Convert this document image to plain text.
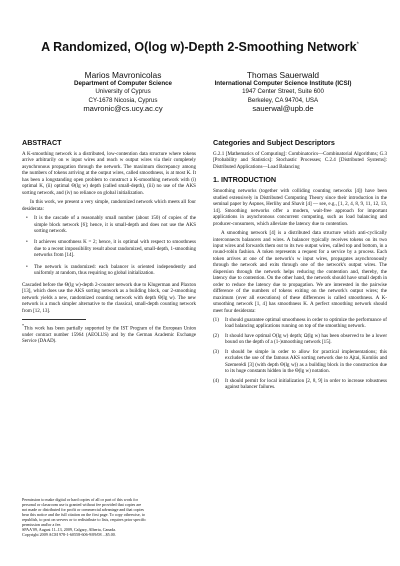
A Randomized, O(log w)-Depth 2-Smoothing Network*
Marios Mavronicolas
Department of Computer Science
University of Cyprus
CY-1678 Nicosia, Cyprus
mavronic@cs.ucy.ac.cy
Thomas Sauerwald
International Computer Science Institute (ICSI)
1947 Center Street, Suite 600
Berkeley, CA 94704, USA
sauerwal@upb.de
ABSTRACT

A K-smoothing network is a distributed, low-contention data structure where tokens arrive arbitrarily on w input wires and reach w output wires via their completely asynchronous propagation through the network. The maximum discrepancy among the numbers of tokens arriving at the output wires, called smoothness, is at most K. It has been a longstanding open problem to construct a K-smoothing network with (i) optimal K, (ii) optimal Θ(lg w) depth (called small-depth), (iii) no use of the AKS sorting network, and (iv) no reliance on global initialization.

In this work, we present a very simple, randomized network which meets all four desiderata:

• It is the cascade of a reasonably small number (about 150) of copies of the simple block network [6]; hence, it is small-depth and does not use the AKS sorting network.
• It achieves smoothness K = 2; hence, it is optimal with respect to smoothness due to a recent impossibility result about randomized, small-depth, 1-smoothing networks from [14].
• The network is randomized: each balancer is oriented independently and uniformly at random, thus requiring no global initialization.

Cascaded before the Θ(lg w)-depth 2-counter network due to Klugerman and Plaxton [13], which does use the AKS sorting network as a building block, our 2-smoothing network yields a new, randomized counting network with depth Θ(lg w). The new network is a much simpler alternative to the classical, small-depth counting network from [12, 13].

*This work has been partially supported by the IST Program of the European Union under contract number 15964 (AEOLUS) and by the German Academic Exchange Service (DAAD).

Permission to make digital or hard copies of all or part of this work for
personal or classroom use is granted without fee provided that copies are
not made or distributed for profit or commercial advantage and that copies
bear this notice and the full citation on the first page. To copy otherwise, to
republish, to post on servers or to redistribute to lists, requires prior specific
permission and/or a fee.
SPAA'09, August 11–13, 2009, Calgary, Alberta, Canada.
Copyright 2009 ACM 978-1-60558-606-9/09/08 ...$5.00.
Categories and Subject Descriptors

G.2.1 [Mathematics of Computing]: Combinatorics—Combinatorial Algorithms; G.3 [Probability and Statistics]: Stochastic Processes; C.2.4 [Distributed Systems]: Distributed Applications—Load Balancing

1. INTRODUCTION

Smoothing networks (together with colliding counting networks [4]) have been studied extensively in Distributed Computing Theory since their introduction in the seminal paper by Aspnes, Herlihy and Shavit [4] — see, e.g., [1, 2, 4, 8, 9, 11, 12, 13, 14]. Smoothing networks offer a modern, wait-free approach for important applications in asynchronous concurrent computing, such as load balancing and producer-consumers, which alleviate the latency due to contention.

A smoothing network [4] is a distributed data structure which anti-cyclically interconnects balancers and wires. A balancer typically receives tokens on its two input wires and forwards them out to its two output wires, called top and bottom, in a round-robin fashion. A token represents a request for a service by a process. Each token arrives at one of the network's w input wires, propagates asynchronously through the network and exits through one of the network's output wires. The dispersion through the network helps reducing the contention and, thereby, the latency due to contention. On the other hand, the network should have small depth in order to reduce the latency due to propagation. We are interested in the pairwise difference of the numbers of tokens exiting on the network's output wires; the maximum (over all executions) of these differences is called smoothness. A K-smoothing network [1, 4] has smoothness K. A perfect smoothing network should meet four desiderata:

(1) It should guarantee optimal smoothness in order to optimize the performance of load balancing applications running on top of the smoothing network.
(2) It should have optimal O(lg w) depth; Ω(lg w) has been observed to be a lower bound on the depth of a (1-)smoothing network [15].
(3) It should be simple in order to allow for practical implementations; this excludes the use of the famous AKS sorting network due to Ajtai, Komlós and Szemerédi [3] (with depth Θ(lg w)) as a building block in the construction due to its huge constants hidden in the Θ(lg w) notation.
(4) It should permit for local initialization [2, 8, 9] in order to increase robustness against balancer failures.
